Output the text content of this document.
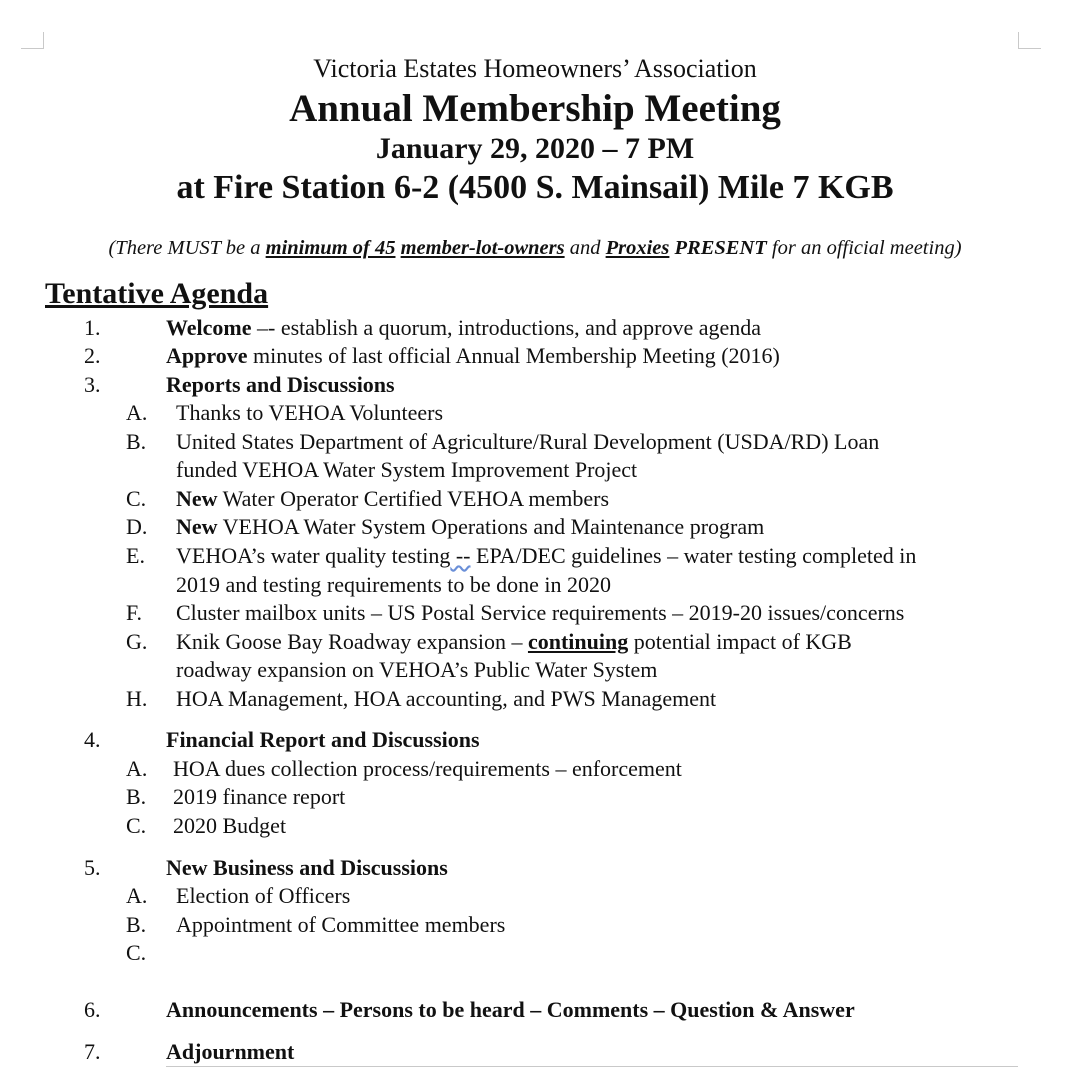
Victoria Estates Homeowners’ Association
Annual Membership Meeting
January 29, 2020 – 7 PM
at Fire Station 6-2 (4500 S. Mainsail) Mile 7 KGB
(There MUST be a minimum of 45 member-lot-owners and Proxies PRESENT for an official meeting)
Tentative Agenda
1.	Welcome –- establish a quorum, introductions, and approve agenda
2.	Approve minutes of last official Annual Membership Meeting (2016)
3.	Reports and Discussions
A. Thanks to VEHOA Volunteers
B. United States Department of Agriculture/Rural Development (USDA/RD) Loan
funded VEHOA Water System Improvement Project
C. New Water Operator Certified VEHOA members
D. New VEHOA Water System Operations and Maintenance program
E. VEHOA’s water quality testing -- EPA/DEC guidelines – water testing completed in
2019 and testing requirements to be done in 2020
F. Cluster mailbox units – US Postal Service requirements – 2019-20 issues/concerns
G. Knik Goose Bay Roadway expansion – continuing potential impact of KGB
roadway expansion on VEHOA’s Public Water System
H. HOA Management, HOA accounting, and PWS Management
4.	Financial Report and Discussions
A. HOA dues collection process/requirements – enforcement
B. 2019 finance report
C. 2020 Budget
5.	New Business and Discussions
A. Election of Officers
B. Appointment of Committee members
C.
6.	Announcements – Persons to be heard – Comments – Question & Answer
7.	Adjournment
